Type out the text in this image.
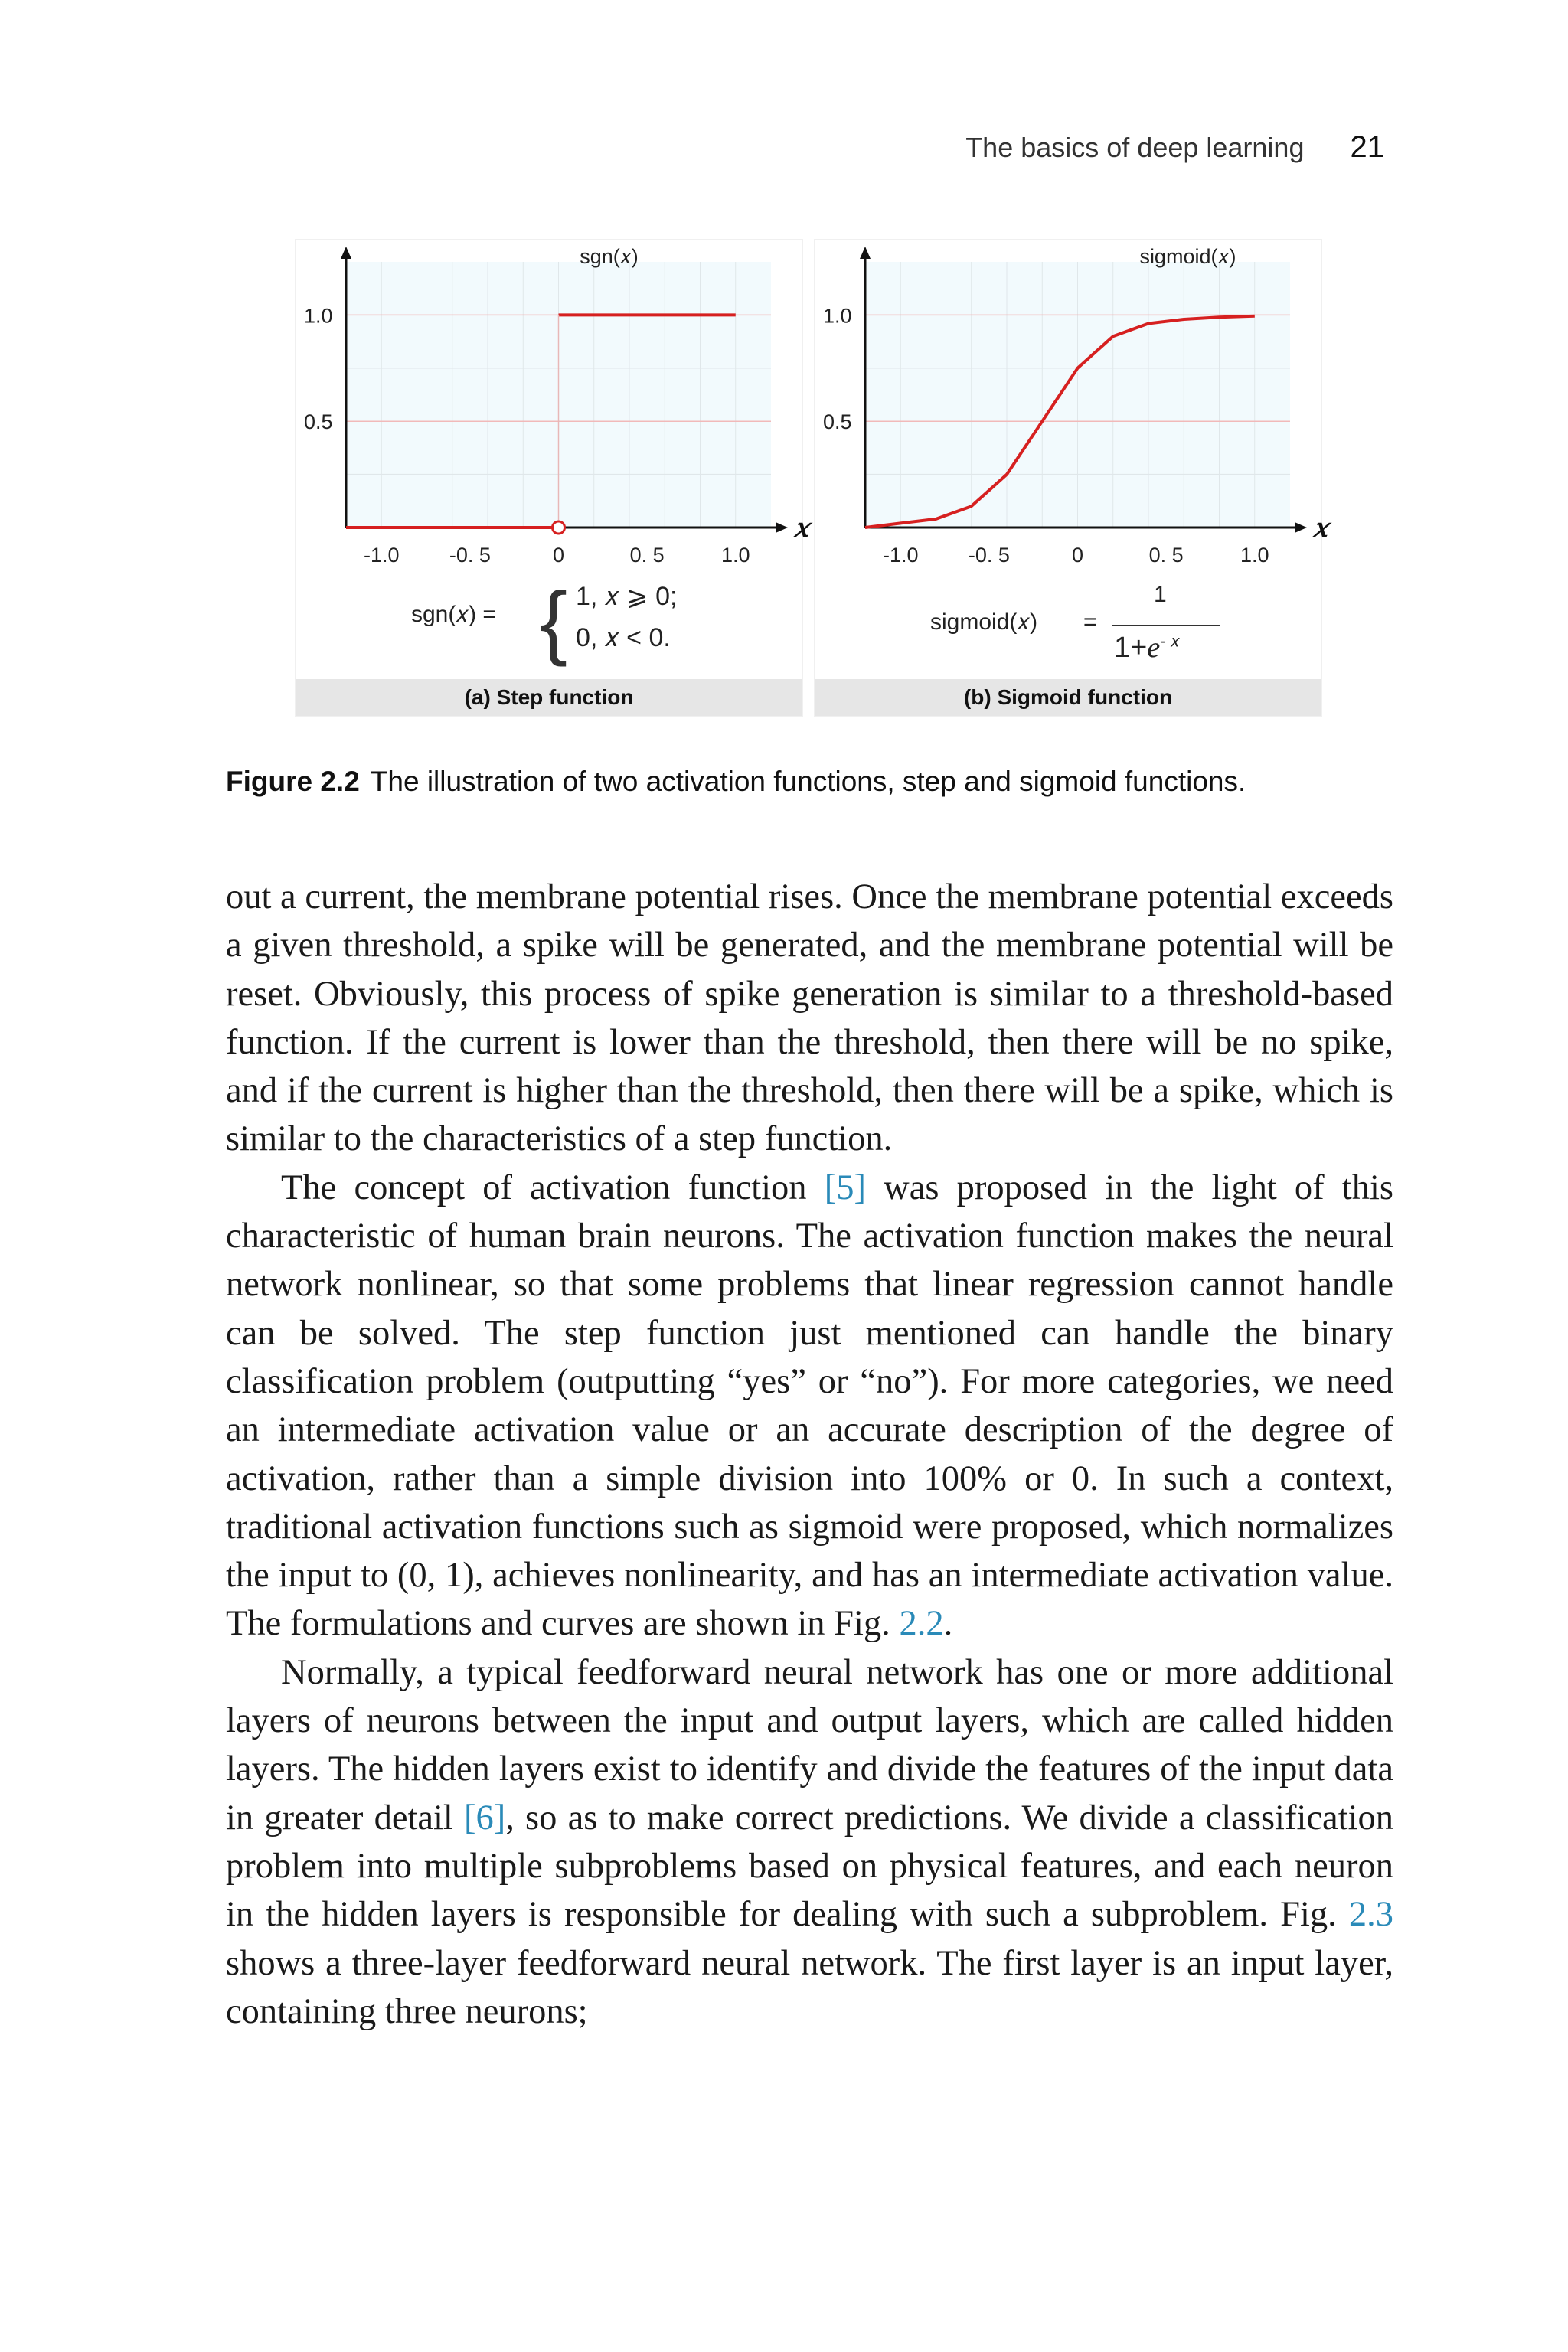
The basics of deep learning 21
𝑥
-1.0 -0. 5	0	0. 5	1.0
0.5
1.0
sgn(𝑥)
sgn(𝑥) = { 1, 𝑥 ⩾ 0;
0, 𝑥 < 0.
(a) Step function
𝑥
-1.0 -0. 5	0	0. 5	1.0
0.5
1.0
sigmoid(𝑥)
sigmoid(𝑥) =
1
$1+e^{- 𝑥}$
(b) Sigmoid function
Figure 2.2 The illustration of two activation functions, step and sigmoid functions.

out a current, the membrane potential rises. Once the membrane potential exceeds a given threshold, a spike will be generated, and the membrane potential will be reset. Obviously, this process of spike generation is similar to a threshold-based function. If the current is lower than the threshold, then there will be no spike, and if the current is higher than the threshold, then there will be a spike, which is similar to the characteristics of a step function.

The concept of activation function [5] was proposed in the light of this characteristic of human brain neurons. The activation function makes the neural network nonlinear, so that some problems that linear regression cannot handle can be solved. The step function just mentioned can handle the binary classification problem (outputting “yes” or “no”). For more categories, we need an intermediate activation value or an accurate description of the degree of activation, rather than a simple division into 100% or 0. In such a context, traditional activation functions such as sigmoid were proposed, which normalizes the input to (0, 1), achieves nonlinearity, and has an intermediate activation value. The formulations and curves are shown in Fig. 2.2.

Normally, a typical feedforward neural network has one or more additional layers of neurons between the input and output layers, which are called hidden layers. The hidden layers exist to identify and divide the features of the input data in greater detail [6], so as to make correct predictions. We divide a classification problem into multiple subproblems based on physical features, and each neuron in the hidden layers is responsible for dealing with such a subproblem. Fig. 2.3 shows a three-layer feedforward neural network. The first layer is an input layer, containing three neurons;
